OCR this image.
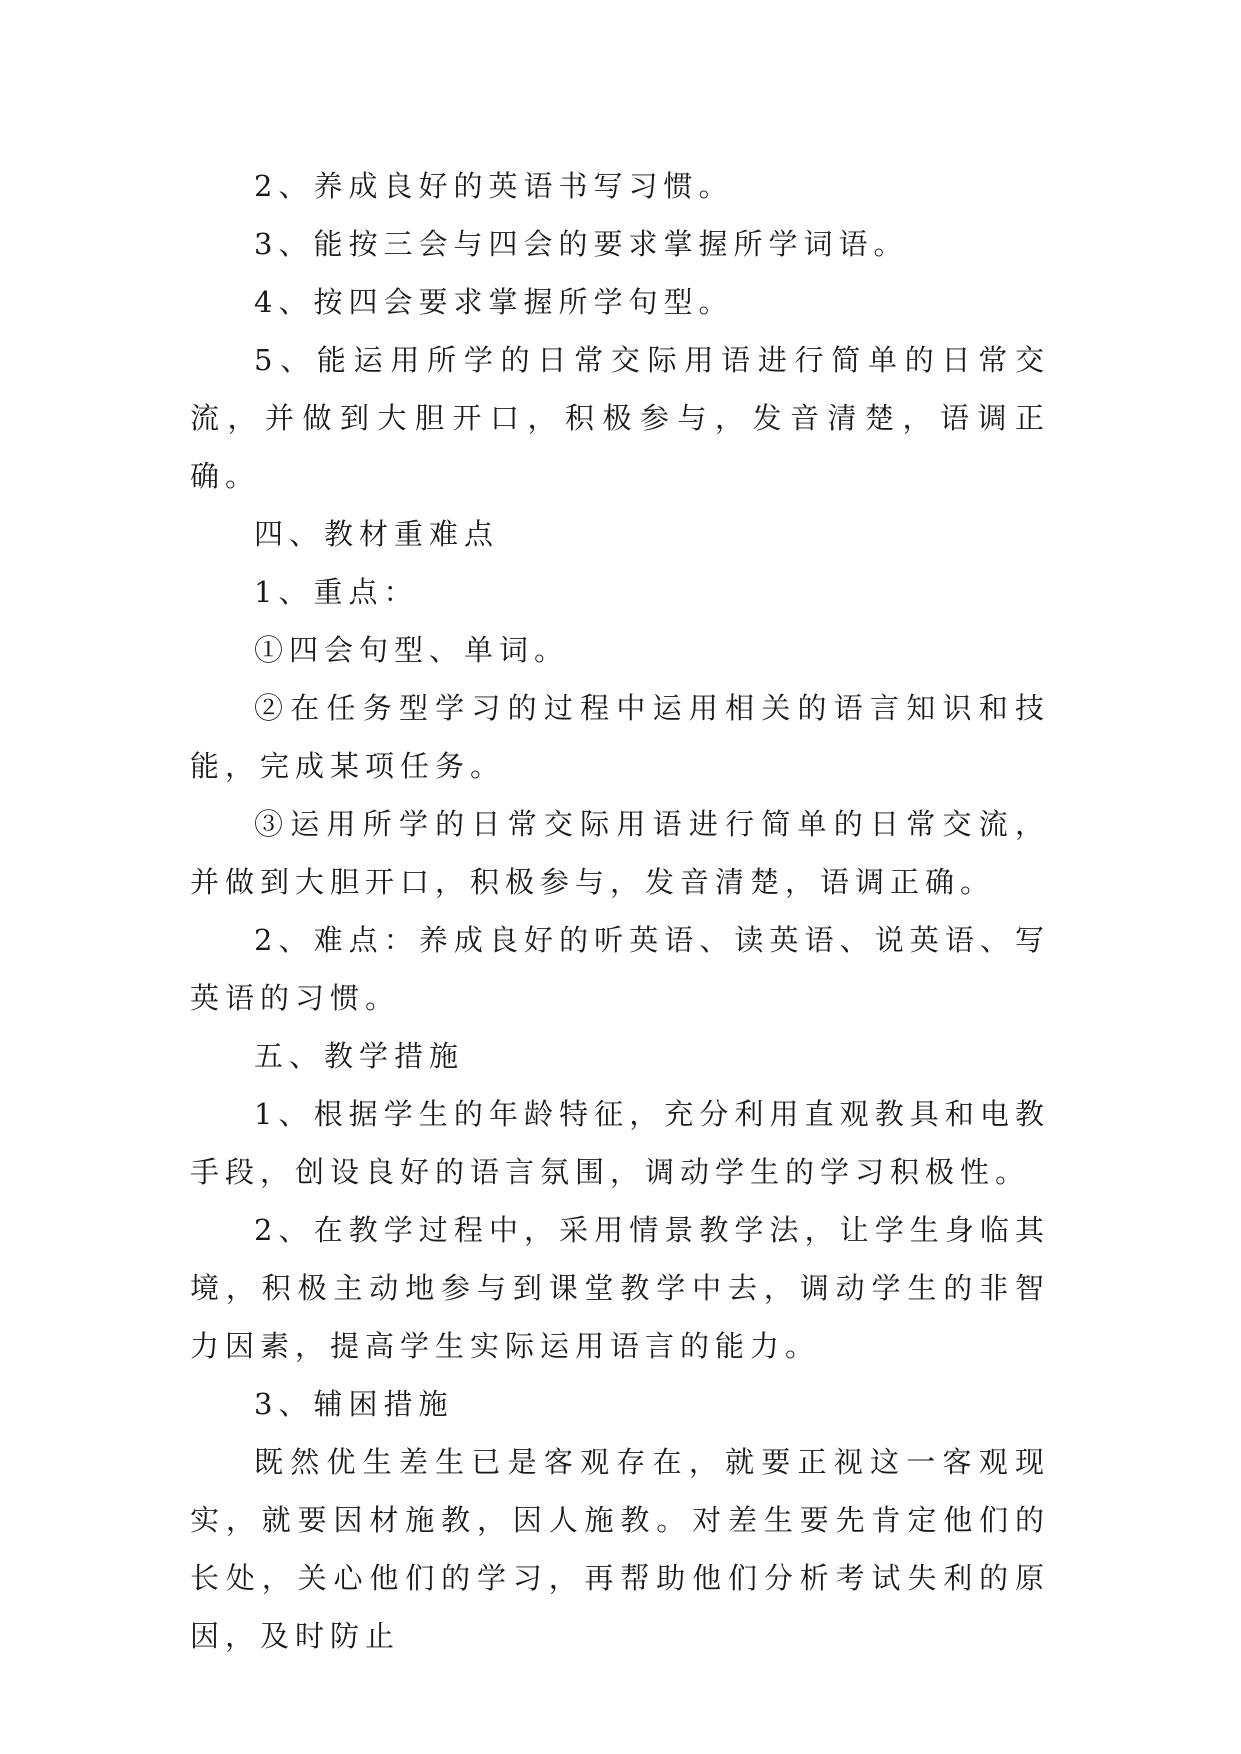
2、养成良好的英语书写习惯。

3、能按三会与四会的要求掌握所学词语。

4、按四会要求掌握所学句型。

5、能运用所学的日常交际用语进行简单的日常交流，并做到大胆开口，积极参与，发音清楚，语调正确。

四、教材重难点

1、重点：

①四会句型、单词。

②在任务型学习的过程中运用相关的语言知识和技能，完成某项任务。

③运用所学的日常交际用语进行简单的日常交流，并做到大胆开口，积极参与，发音清楚，语调正确。

2、难点：养成良好的听英语、读英语、说英语、写英语的习惯。

五、教学措施

1、根据学生的年龄特征，充分利用直观教具和电教手段，创设良好的语言氛围，调动学生的学习积极性。

2、在教学过程中，采用情景教学法，让学生身临其境，积极主动地参与到课堂教学中去，调动学生的非智力因素，提高学生实际运用语言的能力。

3、辅困措施

既然优生差生已是客观存在，就要正视这一客观现实，就要因材施教，因人施教。对差生要先肯定他们的长处，关心他们的学习，再帮助他们分析考试失利的原因，及时防止
